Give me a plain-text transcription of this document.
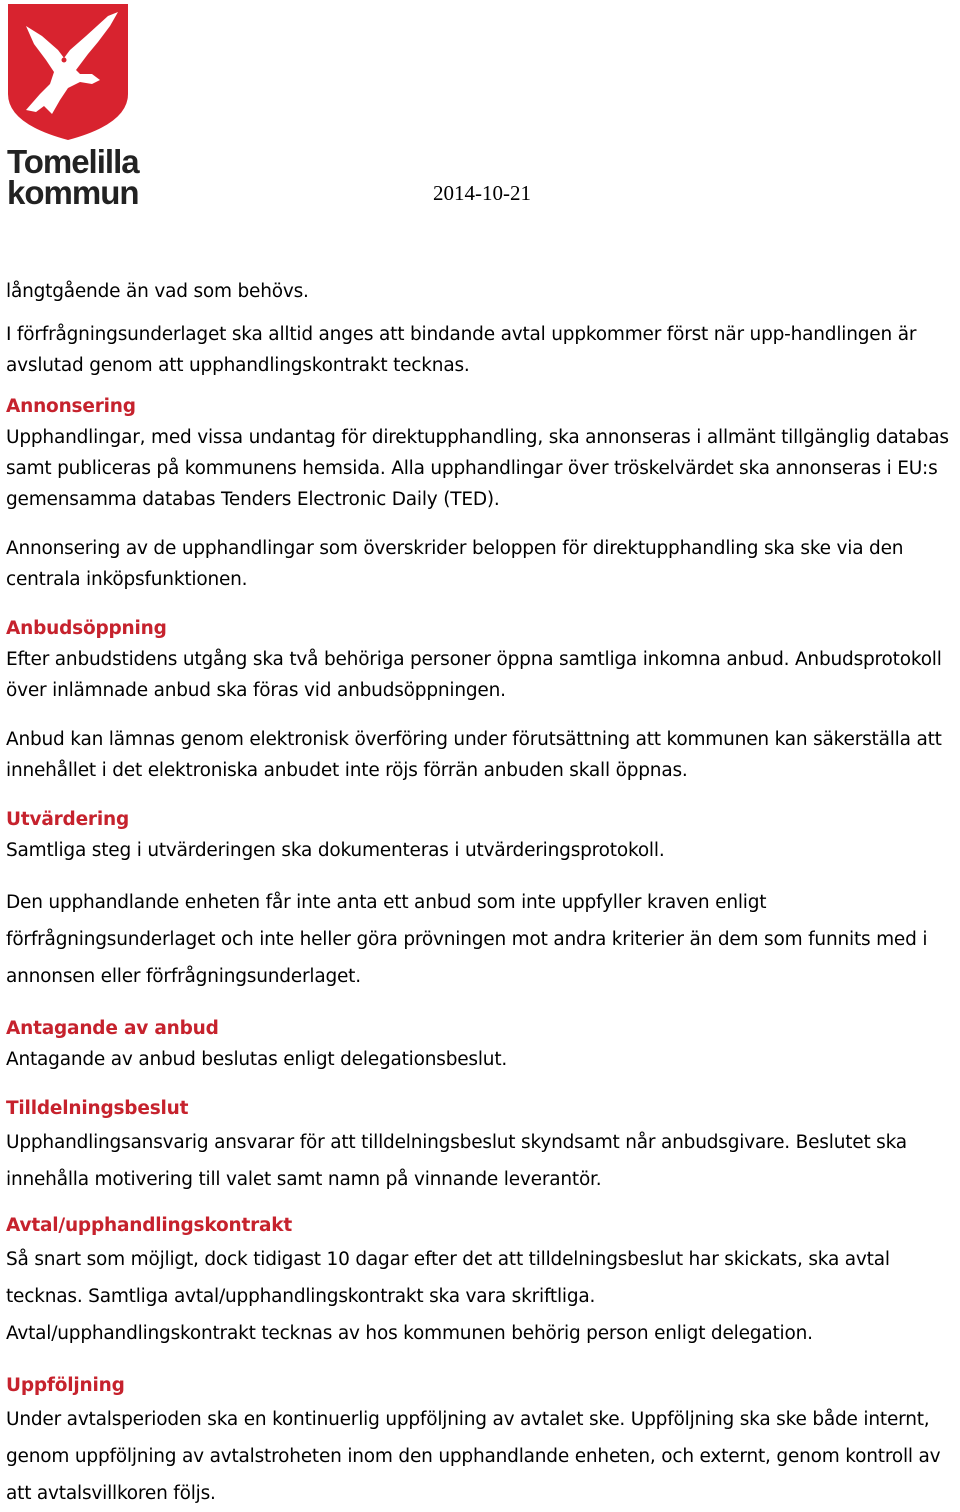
Tomelilla
kommun	2014-10-21

långtgående än vad som behövs.

I förfrågningsunderlaget ska alltid anges att bindande avtal uppkommer först när upp-handlingen är avslutad genom att upphandlingskontrakt tecknas.

Annonsering

Upphandlingar, med vissa undantag för direktupphandling, ska annonseras i allmänt tillgänglig databas samt publiceras på kommunens hemsida. Alla upphandlingar över tröskelvärdet ska annonseras i EU:s gemensamma databas Tenders Electronic Daily (TED).

Annonsering av de upphandlingar som överskrider beloppen för direktupphandling ska ske via den centrala inköpsfunktionen.

Anbudsöppning

Efter anbudstidens utgång ska två behöriga personer öppna samtliga inkomna anbud. Anbudsprotokoll över inlämnade anbud ska föras vid anbudsöppningen.

Anbud kan lämnas genom elektronisk överföring under förutsättning att kommunen kan säkerställa att innehållet i det elektroniska anbudet inte röjs förrän anbuden skall öppnas.

Utvärdering

Samtliga steg i utvärderingen ska dokumenteras i utvärderingsprotokoll.

Den upphandlande enheten får inte anta ett anbud som inte uppfyller kraven enligt förfrågningsunderlaget och inte heller göra prövningen mot andra kriterier än dem som funnits med i annonsen eller förfrågningsunderlaget.

Antagande av anbud

Antagande av anbud beslutas enligt delegationsbeslut.

Tilldelningsbeslut

Upphandlingsansvarig ansvarar för att tilldelningsbeslut skyndsamt når anbudsgivare. Beslutet ska innehålla motivering till valet samt namn på vinnande leverantör.

Avtal/upphandlingskontrakt

Så snart som möjligt, dock tidigast 10 dagar efter det att tilldelningsbeslut har skickats, ska avtal tecknas. Samtliga avtal/upphandlingskontrakt ska vara skriftliga.

Avtal/upphandlingskontrakt tecknas av hos kommunen behörig person enligt delegation.

Uppföljning

Under avtalsperioden ska en kontinuerlig uppföljning av avtalet ske. Uppföljning ska ske både internt, genom uppföljning av avtalstroheten inom den upphandlande enheten, och externt, genom kontroll av att avtalsvillkoren följs.
